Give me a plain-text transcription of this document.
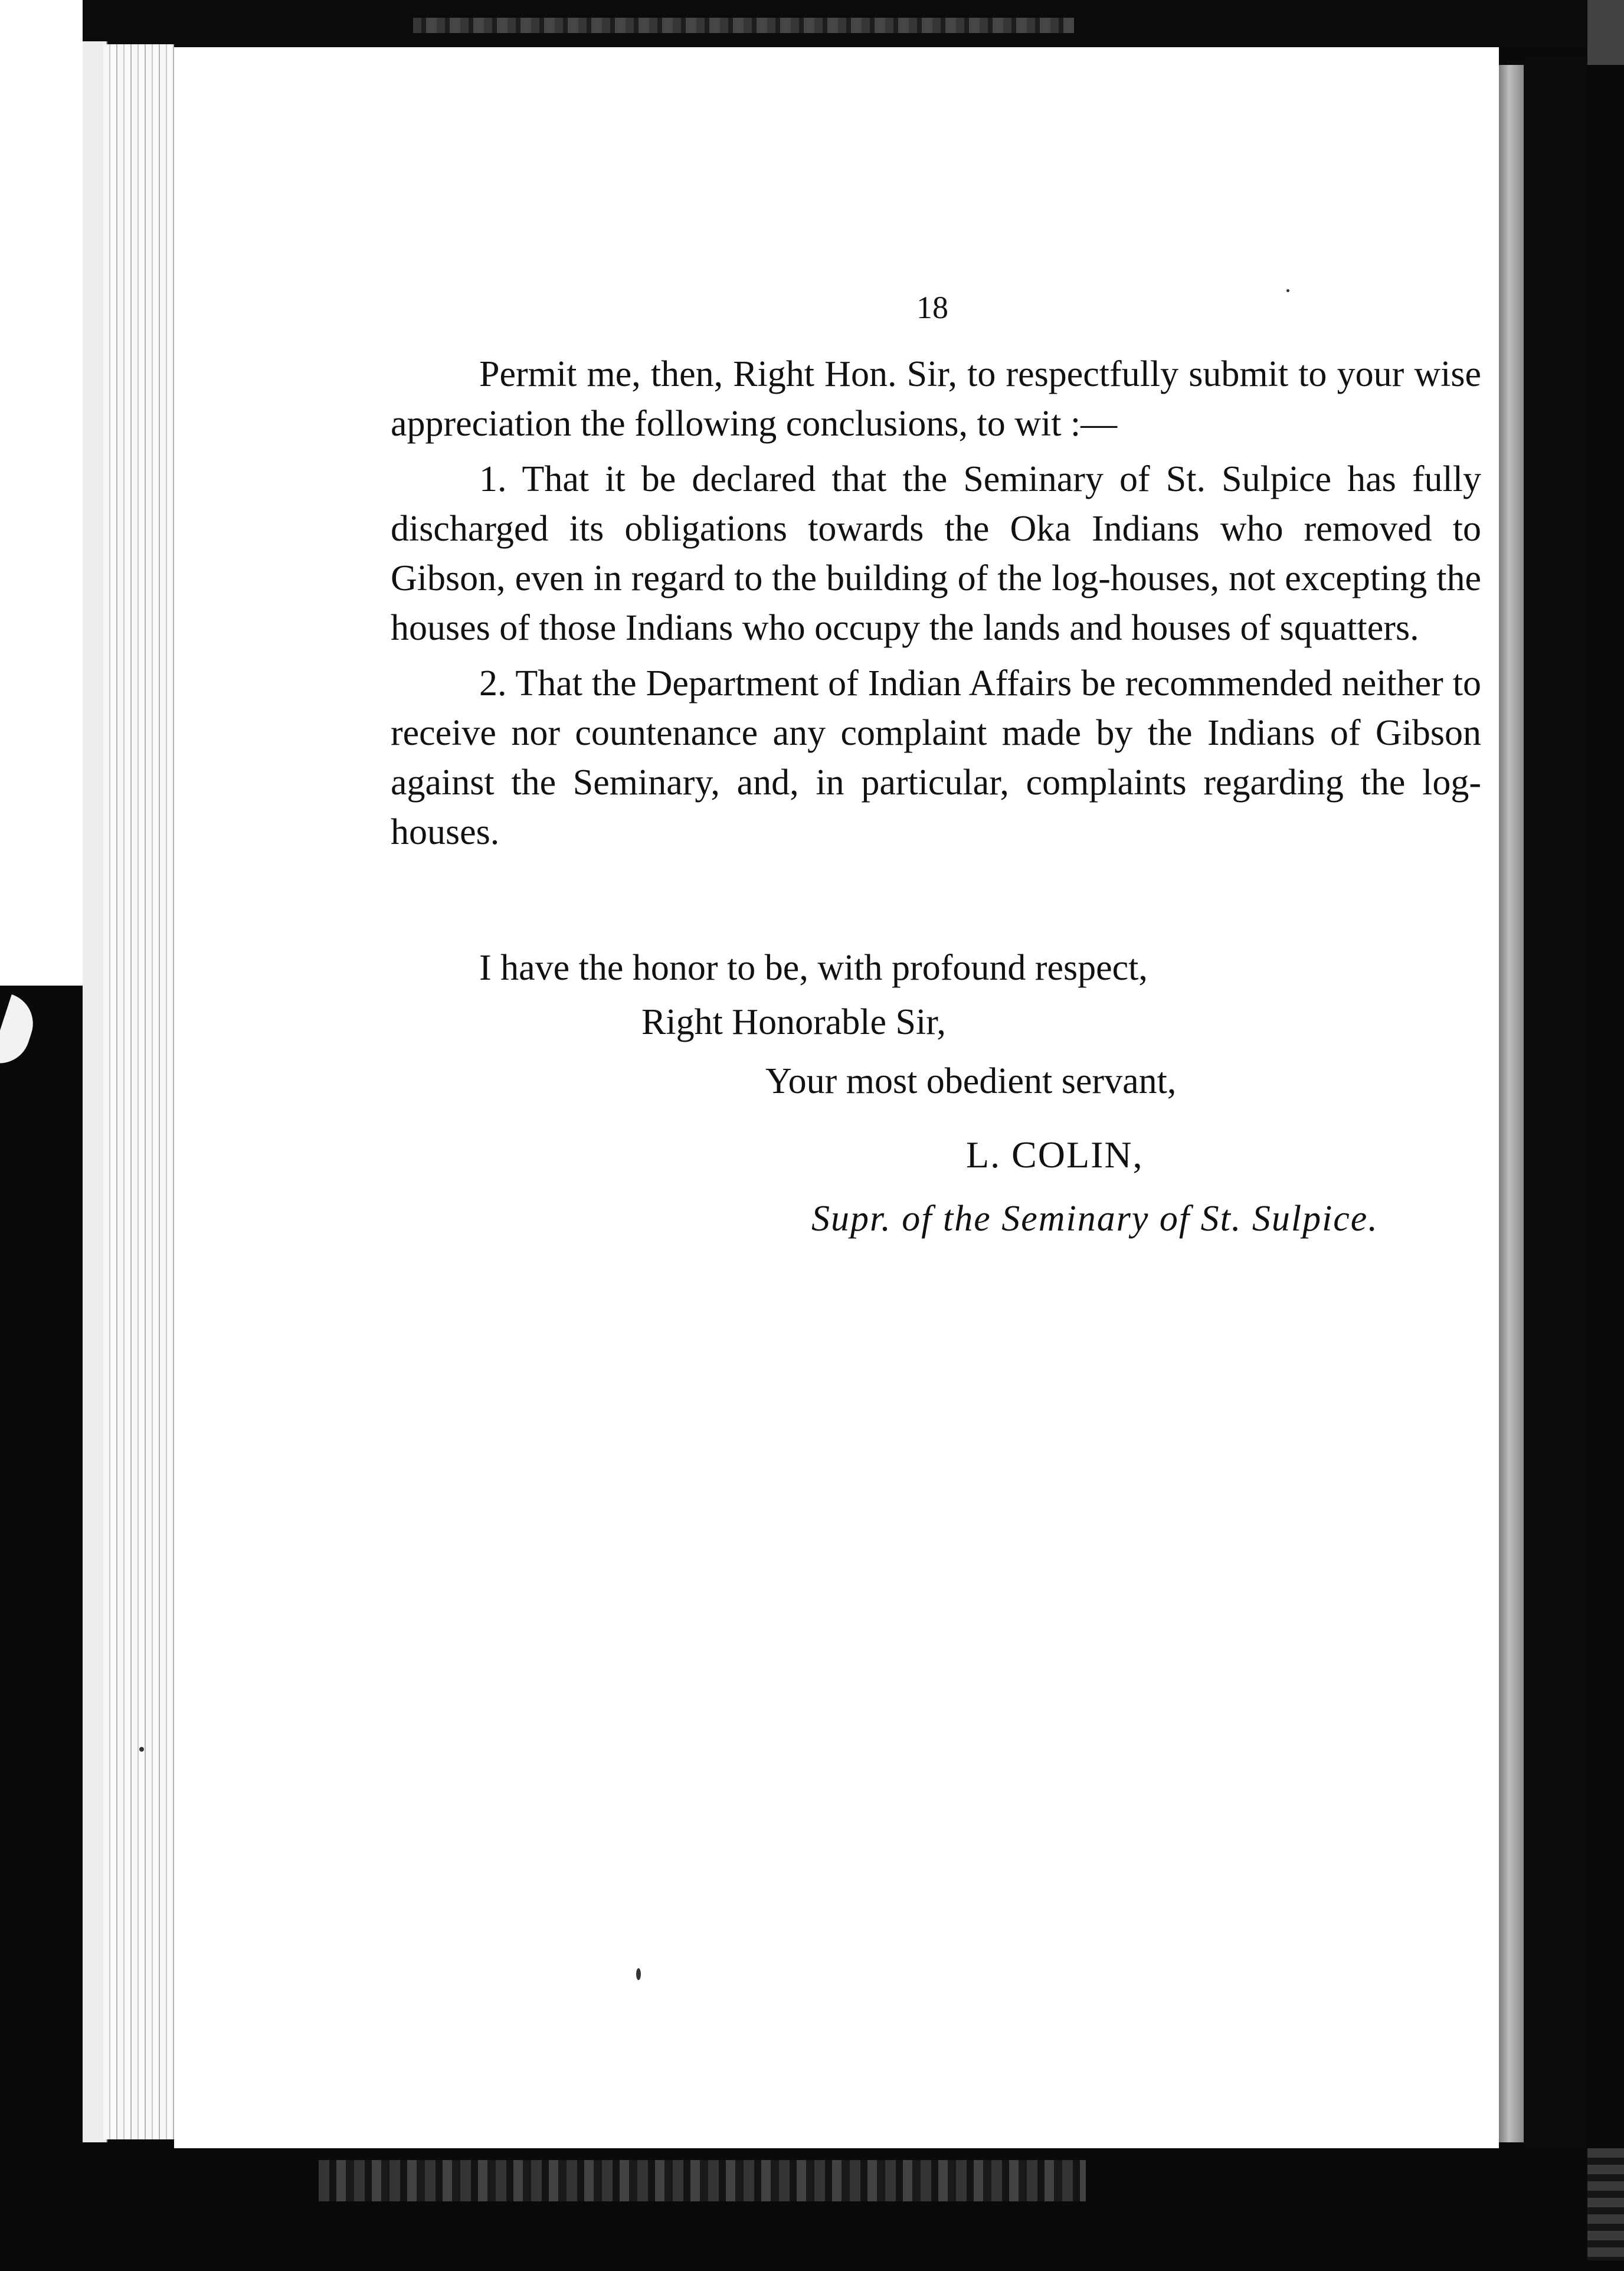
18

Permit me, then, Right Hon. Sir, to respectfully submit to your wise appreciation the following conclusions, to wit :—

1. That it be declared that the Seminary of St. Sulpice has fully discharged its obligations towards the Oka Indians who removed to Gibson, even in regard to the building of the log-houses, not excepting the houses of those Indians who occupy the lands and houses of squatters.

2. That the Department of Indian Affairs be recommended neither to receive nor countenance any complaint made by the Indians of Gibson against the Seminary, and, in particular, complaints regarding the log-houses.

I have the honor to be, with profound respect,
Right Honorable Sir,
Your most obedient servant,
L. COLIN,
Supr. of the Seminary of St. Sulpice.
